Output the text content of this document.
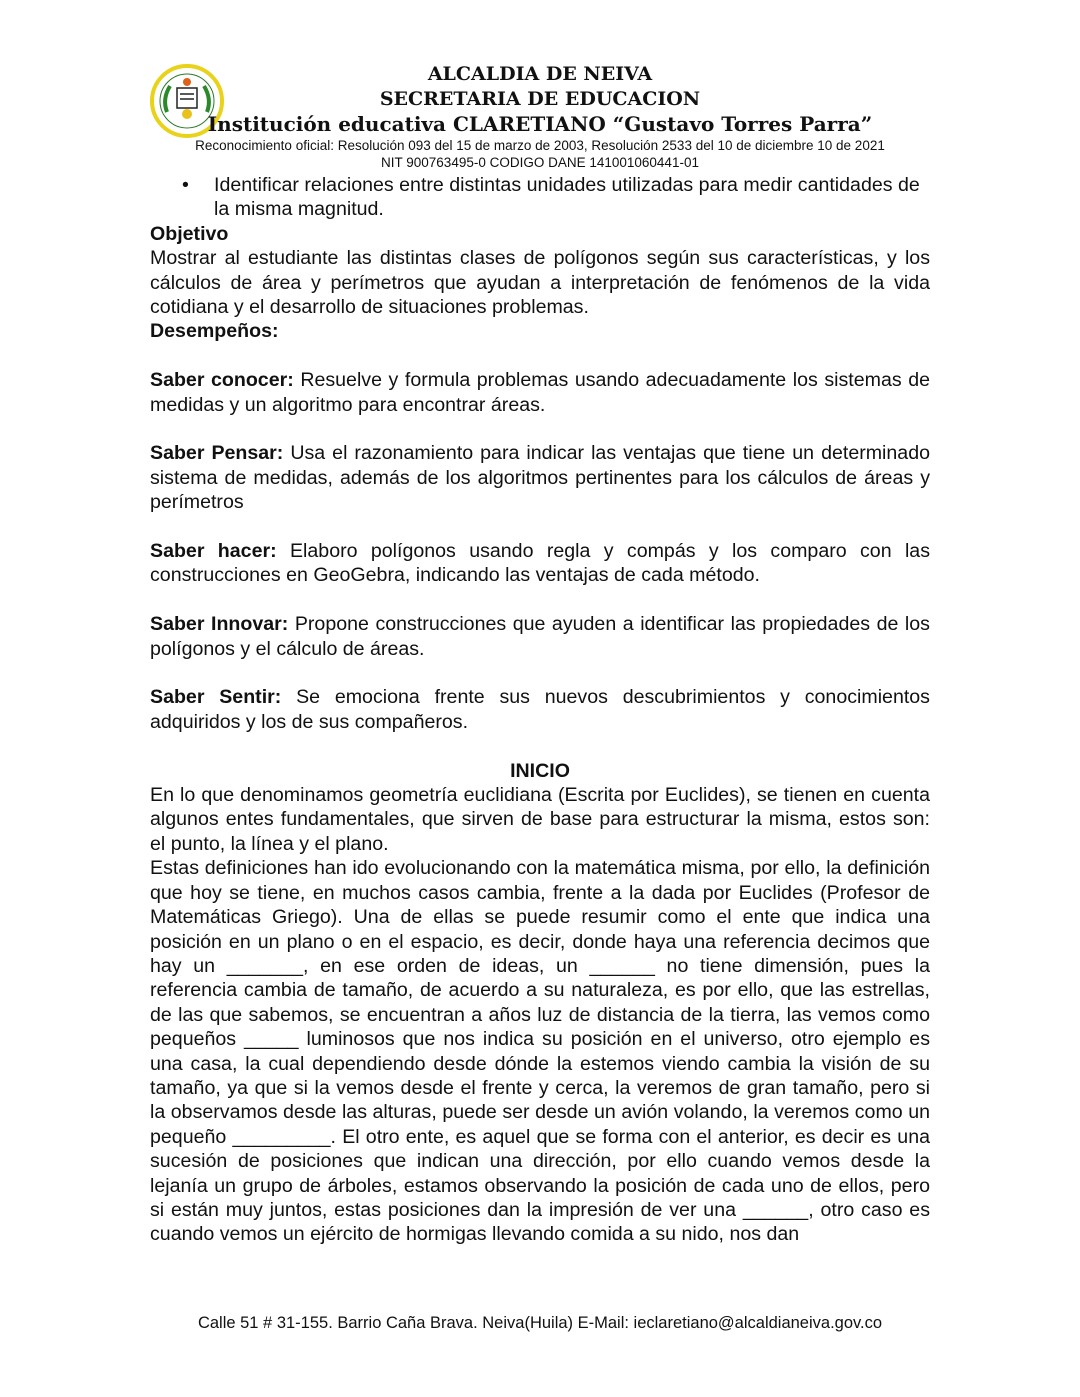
ALCALDIA DE NEIVA
SECRETARIA DE EDUCACION
Institución educativa CLARETIANO “Gustavo Torres Parra”
Reconocimiento oficial: Resolución 093 del 15 de marzo de 2003, Resolución 2533 del 10 de diciembre 10 de 2021
NIT 900763495-0 CODIGO DANE 141001060441-01
•	Identificar relaciones entre distintas unidades utilizadas para medir cantidades de la misma magnitud.

Objetivo

Mostrar al estudiante las distintas clases de polígonos según sus características, y los cálculos de área y perímetros que ayudan a interpretación de fenómenos de la vida cotidiana y el desarrollo de situaciones problemas.

Desempeños:

Saber conocer: Resuelve y formula problemas usando adecuadamente los sistemas de medidas y un algoritmo para encontrar áreas.

Saber Pensar: Usa el razonamiento para indicar las ventajas que tiene un determinado sistema de medidas, además de los algoritmos pertinentes para los cálculos de áreas y perímetros

Saber hacer: Elaboro polígonos usando regla y compás y los comparo con las construcciones en GeoGebra, indicando las ventajas de cada método.

Saber Innovar: Propone construcciones que ayuden a identificar las propiedades de los polígonos y el cálculo de áreas.

Saber Sentir: Se emociona frente sus nuevos descubrimientos y conocimientos adquiridos y los de sus compañeros.

INICIO

En lo que denominamos geometría euclidiana (Escrita por Euclides), se tienen en cuenta algunos entes fundamentales, que sirven de base para estructurar la misma, estos son: el punto, la línea y el plano.

Estas definiciones han ido evolucionando con la matemática misma, por ello, la definición que hoy se tiene, en muchos casos cambia, frente a la dada por Euclides (Profesor de Matemáticas Griego). Una de ellas se puede resumir como el ente que indica una posición en un plano o en el espacio, es decir, donde haya una referencia decimos que hay un _______, en ese orden de ideas, un ______ no tiene dimensión, pues la referencia cambia de tamaño, de acuerdo a su naturaleza, es por ello, que las estrellas, de las que sabemos, se encuentran a años luz de distancia de la tierra, las vemos como pequeños _____ luminosos que nos indica su posición en el universo, otro ejemplo es una casa, la cual dependiendo desde dónde la estemos viendo cambia la visión de su tamaño, ya que si la vemos desde el frente y cerca, la veremos de gran tamaño, pero si la observamos desde las alturas, puede ser desde un avión volando, la veremos como un pequeño _________. El otro ente, es aquel que se forma con el anterior, es decir es una sucesión de posiciones que indican una dirección, por ello cuando vemos desde la lejanía un grupo de árboles, estamos observando la posición de cada uno de ellos, pero si están muy juntos, estas posiciones dan la impresión de ver una ______, otro caso es cuando vemos un ejército de hormigas llevando comida a su nido, nos dan

Calle 51 # 31-155. Barrio Caña Brava. Neiva(Huila) E-Mail: ieclaretiano@alcaldianeiva.gov.co
